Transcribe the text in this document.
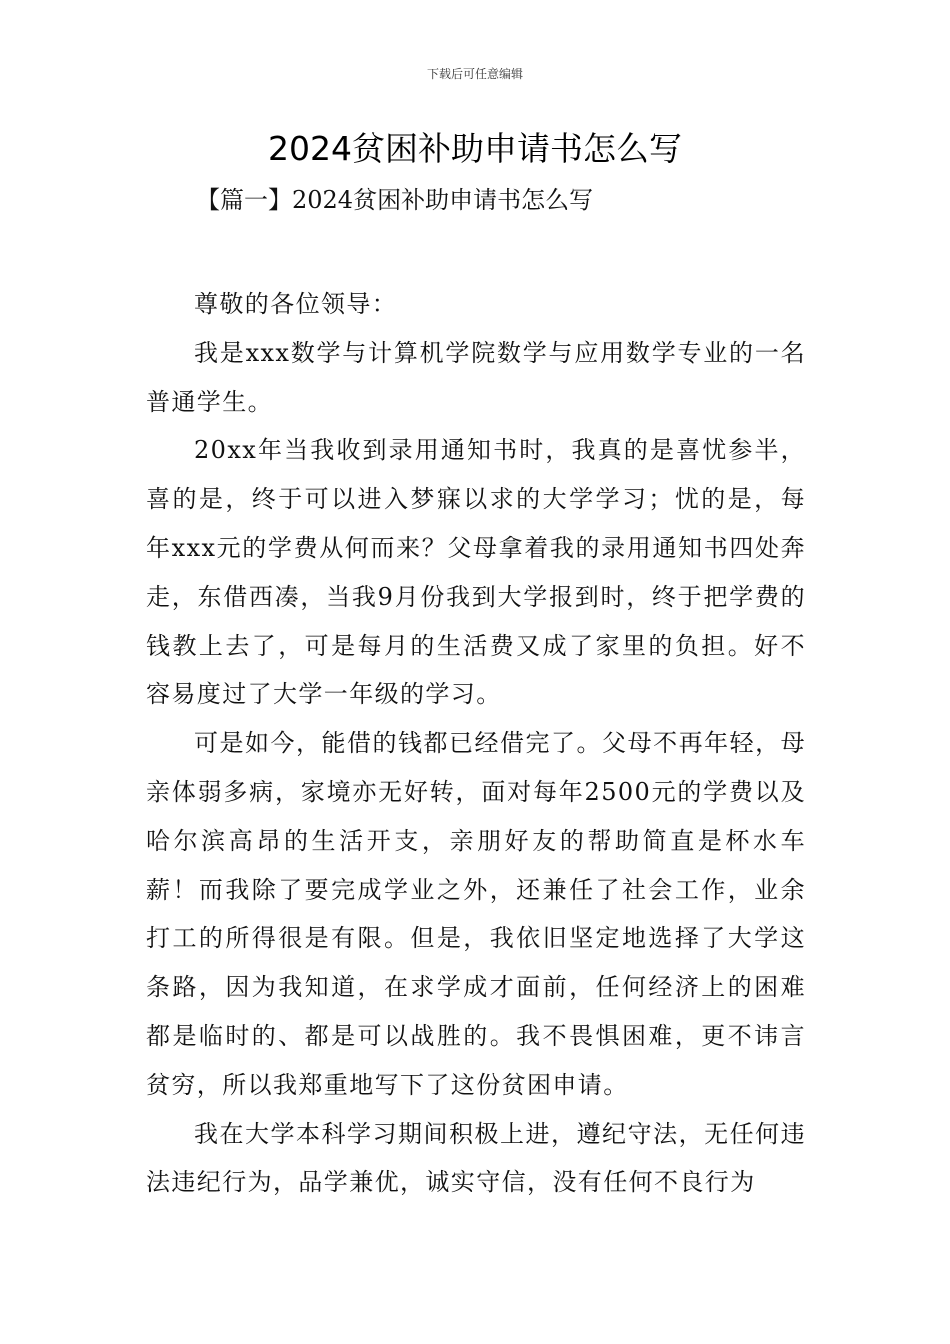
下载后可任意编辑
2024贫困补助申请书怎么写
【篇一】2024贫困补助申请书怎么写

尊敬的各位领导：

我是xxx数学与计算机学院数学与应用数学专业的一名普通学生。

20xx年当我收到录用通知书时，我真的是喜忧参半，喜的是，终于可以进入梦寐以求的大学学习；忧的是，每年xxx元的学费从何而来？父母拿着我的录用通知书四处奔走，东借西凑，当我9月份我到大学报到时，终于把学费的钱教上去了，可是每月的生活费又成了家里的负担。好不容易度过了大学一年级的学习。

可是如今，能借的钱都已经借完了。父母不再年轻，母亲体弱多病，家境亦无好转，面对每年2500元的学费以及哈尔滨高昂的生活开支，亲朋好友的帮助简直是杯水车薪！而我除了要完成学业之外，还兼任了社会工作，业余打工的所得很是有限。但是，我依旧坚定地选择了大学这条路，因为我知道，在求学成才面前，任何经济上的困难都是临时的、都是可以战胜的。我不畏惧困难，更不讳言贫穷，所以我郑重地写下了这份贫困申请。

我在大学本科学习期间积极上进，遵纪守法，无任何违法违纪行为，品学兼优，诚实守信，没有任何不良行为
